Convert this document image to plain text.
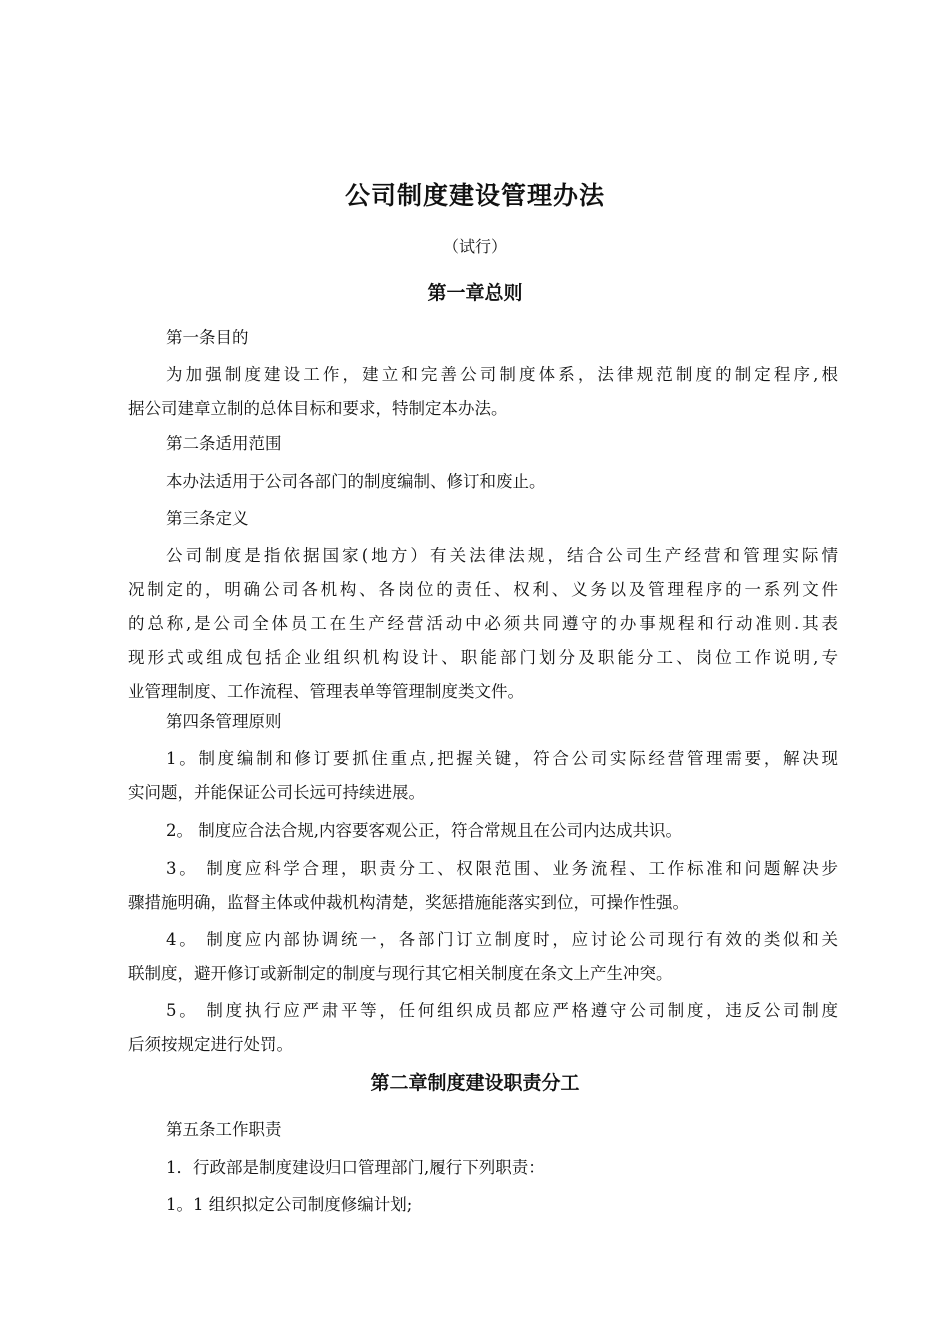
公司制度建设管理办法

（试行）

第一章总则

第一条目的

为加强制度建设工作，建立和完善公司制度体系，法律规范制度的制定程序,根
据公司建章立制的总体目标和要求，特制定本办法。

第二条适用范围

本办法适用于公司各部门的制度编制、修订和废止。

第三条定义

公司制度是指依据国家(地方）有关法律法规，结合公司生产经营和管理实际情
况制定的，明确公司各机构、各岗位的责任、权利、义务以及管理程序的一系列文件
的总称,是公司全体员工在生产经营活动中必须共同遵守的办事规程和行动准则.其表
现形式或组成包括企业组织机构设计、职能部门划分及职能分工、岗位工作说明,专
业管理制度、工作流程、管理表单等管理制度类文件。

第四条管理原则

1。制度编制和修订要抓住重点,把握关键，符合公司实际经营管理需要，解决现
实问题，并能保证公司长远可持续进展。
2。 制度应合法合规,内容要客观公正，符合常规且在公司内达成共识。
3。 制度应科学合理，职责分工、权限范围、业务流程、工作标准和问题解决步
骤措施明确，监督主体或仲裁机构清楚，奖惩措施能落实到位，可操作性强。
4。 制度应内部协调统一，各部门订立制度时，应讨论公司现行有效的类似和关
联制度，避开修订或新制定的制度与现行其它相关制度在条文上产生冲突。
5。 制度执行应严肃平等，任何组织成员都应严格遵守公司制度，违反公司制度
后须按规定进行处罚。
第二章制度建设职责分工

第五条工作职责

1．行政部是制度建设归口管理部门,履行下列职责：

1。1 组织拟定公司制度修编计划;
